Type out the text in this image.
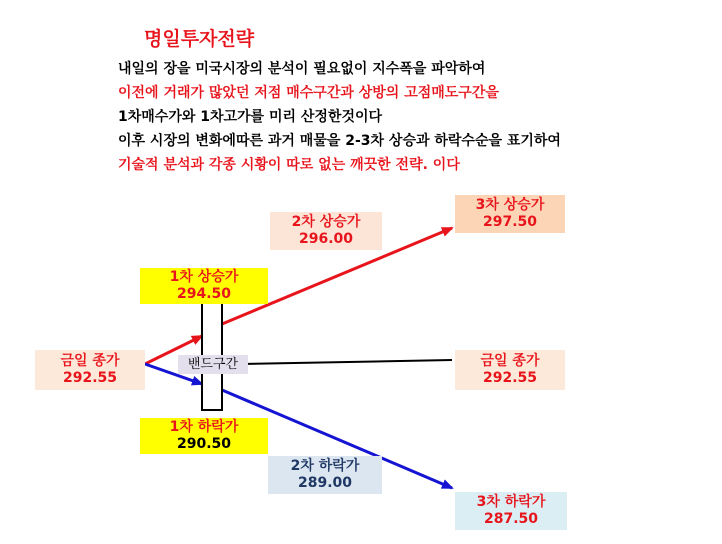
명일투자전략
내일의 장을 미국시장의 분석이 필요없이 지수폭을 파악하여
이전에 거래가 많았던 저점 매수구간과 상방의 고점매도구간을
1차매수가와 1차고가를 미리 산정한것이다
이후 시장의 변화에따른 과거 매물을 2-3차 상승과 하락수순을 표기하여
기술적 분석과 각종 시황이 따로 없는 깨끗한 전략. 이다
금일 종가
292.55
밴드구간
1차 상승가
294.50
2차 상승가
296.00
3차 상승가
297.50
금일 종가
292.55
1차 하락가
290.50
2차 하락가
289.00
3차 하락가
287.50
